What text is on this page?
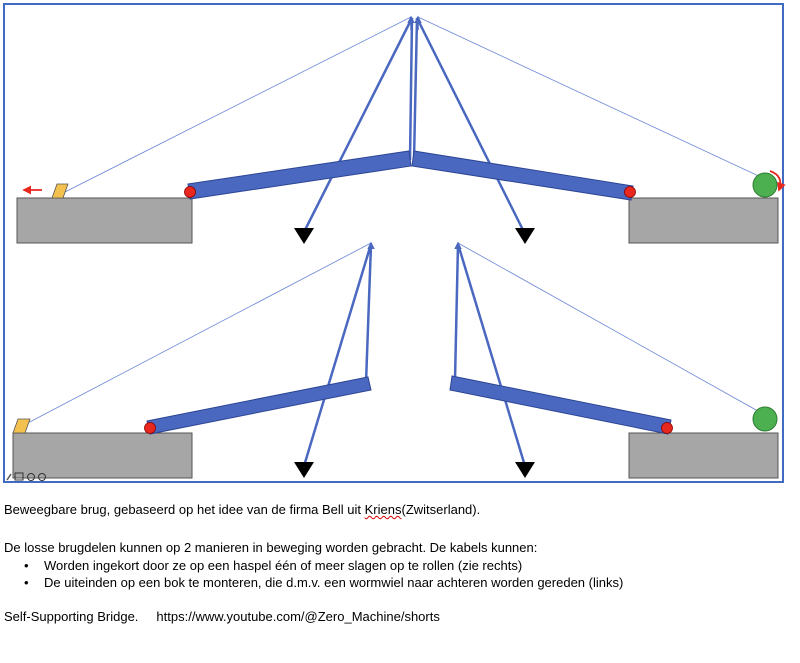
Beweegbare brug, gebaseerd op het idee van de firma Bell uit Kriens(Zwitserland).
De losse brugdelen kunnen op 2 manieren in beweging worden gebracht. De kabels kunnen:
• Worden ingekort door ze op een haspel één of meer slagen op te rollen (zie rechts)
• De uiteinden op een bok te monteren, die d.m.v. een wormwiel naar achteren worden gereden (links)
Self-Supporting Bridge. https://www.youtube.com/@Zero_Machine/shorts
